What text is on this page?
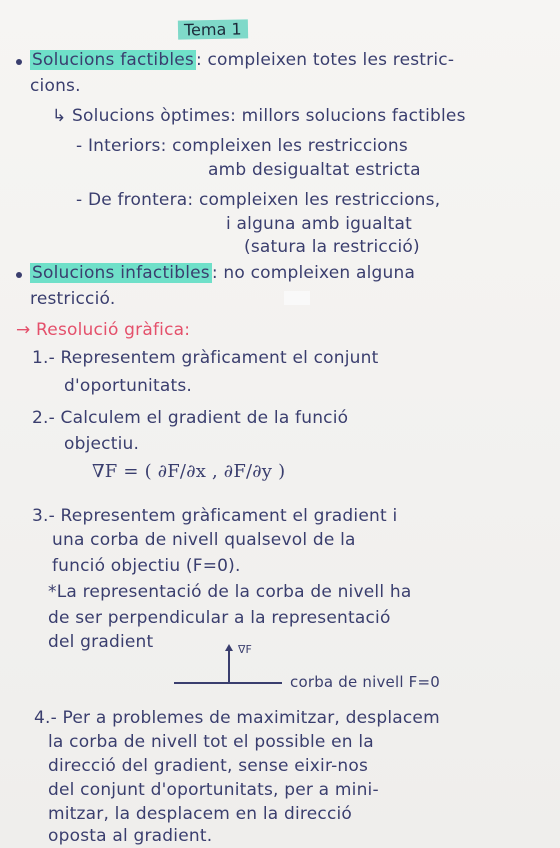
Tema 1
Solucions factibles : compleixen totes les restric-
cions.
↳ Solucions òptimes: millors solucions factibles
- Interiors: compleixen les restriccions
amb desigualtat estricta
- De frontera: compleixen les restriccions,
i alguna amb igualtat
(satura la restricció)
Solucions infactibles : no compleixen alguna
restricció.
→ Resolució gràfica:
1.- Representem gràficament el conjunt
d'oportunitats.
2.- Calculem el gradient de la funció
objectiu.
∇F = ( ∂F/∂x , ∂F/∂y )
3.- Representem gràficament el gradient i
una corba de nivell qualsevol de la
funció objectiu (F=0).
*La representació de la corba de nivell ha
de ser perpendicular a la representació
del gradient	∇F
corba de nivell F=0
4.- Per a problemes de maximitzar, desplacem
la corba de nivell tot el possible en la
direcció del gradient, sense eixir-nos
del conjunt d'oportunitats, per a mini-
mitzar, la desplacem en la direcció
oposta al gradient.
